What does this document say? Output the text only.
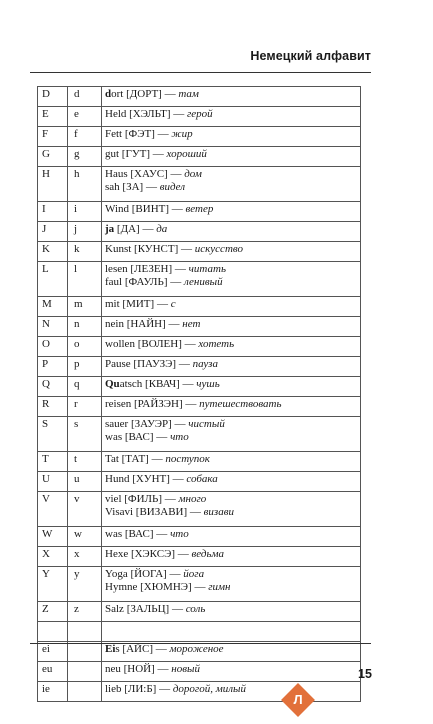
Немецкий алфавит
D	d	dort [ДОРТ] — там

E	e	Held [ХЭЛЬТ] — герой

F	f	Fett [ФЭТ] — жир

G	g	gut [ГУТ] — хороший

H	h	Haus [ХАУС] — дом
sah [ЗА] — видел

I	i	Wind [ВИНТ] — ветер

J	j	ja [ДА] — да

K	k	Kunst [КУНСТ] — искусство

L	l	lesen [ЛЕЗЕН] — читать
faul [ФАУЛЬ] — ленивый

M	m	mit [МИТ] — с

N	n	nein [НАЙН] — нет

O	o	wollen [ВОЛЕН] — хотеть

P	p	Pause [ПАУЗЭ] — пауза

Q	q	Quatsch [КВАЧ] — чушь

R	r	reisen [РАЙЗЭН] — путешествовать

S	s	sauer [ЗАУЭР] — чистый
was [ВАС] — что

T	t	Tat [ТАТ] — поступок

U	u	Hund [ХУНТ] — собака

V	v	viel [ФИЛЬ] — много
Visavi [ВИЗАВИ] — визави

W	w	was [ВАС] — что

X	x	Hexe [ХЭКСЭ] — ведьма

Y	y	Yoga [ЙОГА] — йога
Hymne [ХЮМНЭ] — гимн

Z	z	Salz [ЗАЛЬЦ] — соль

ei		Eis [АЙС] — мороженое

eu		neu [НОЙ] — новый

ie		lieb [ЛИ:Б] — дорогой, милый
15
Л
